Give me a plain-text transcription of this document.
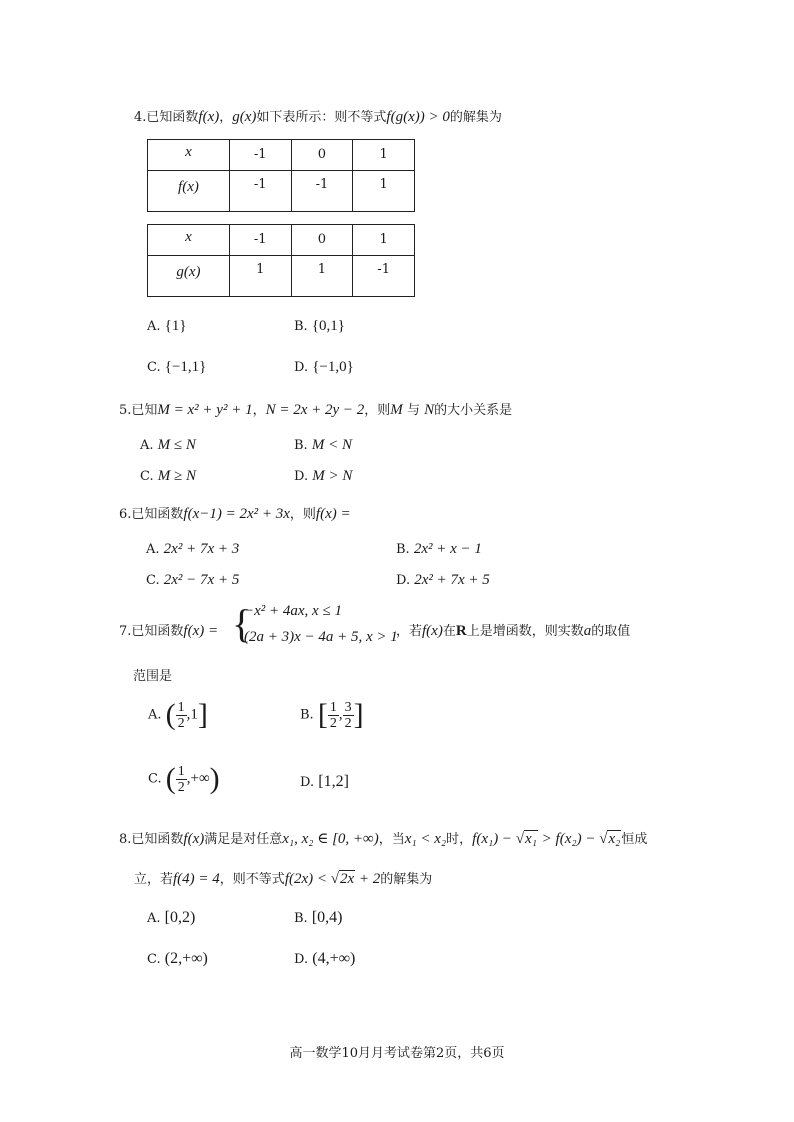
4.已知函数f(x)，g(x)如下表所示：则不等式f(g(x)) > 0的解集为
x	-1	0	1
f(x)	-1	-1	1
x	-1	0	1
g(x)	1	1	-1
A. {1}	B. {0,1}
C. {−1,1}	D. {−1,0}
5.已知M = x² + y² + 1，N = 2x + 2y − 2，则M 与 N的大小关系是
A. M ≤ N	B. M < N
C. M ≥ N	D. M > N
6.已知函数f(x−1) = 2x² + 3x，则f(x) =
A. 2x² + 7x + 3	B. 2x² + x − 1
C. 2x² − 7x + 5	D. 2x² + 7x + 5
7.已知函数f(x) = {
−x² + 4ax, x ≤ 1
(2a + 3)x − 4a + 5, x > 1
，若f(x)在R上是增函数，则实数a的取值
范围是
A. ( $\frac{1}{2} ,1$]	B. [ $\frac{1}{2}$ , $\frac{3}{2}$ ]
C. ( $\frac{1}{2}$ ,+∞)	D. [1,2]
8.已知函数f(x)满足是对任意x₁, x₂ ∈ [0, +∞)，当x₁ < x₂时，f(x₁) − √x₁ > f(x₂) − √x₂恒成
立，若f(4) = 4，则不等式f(2x) < √2x + 2的解集为
A. [0,2)	B. [0,4)
C. (2,+∞)	D. (4,+∞)
高一数学10月月考试卷第2页，共6页
